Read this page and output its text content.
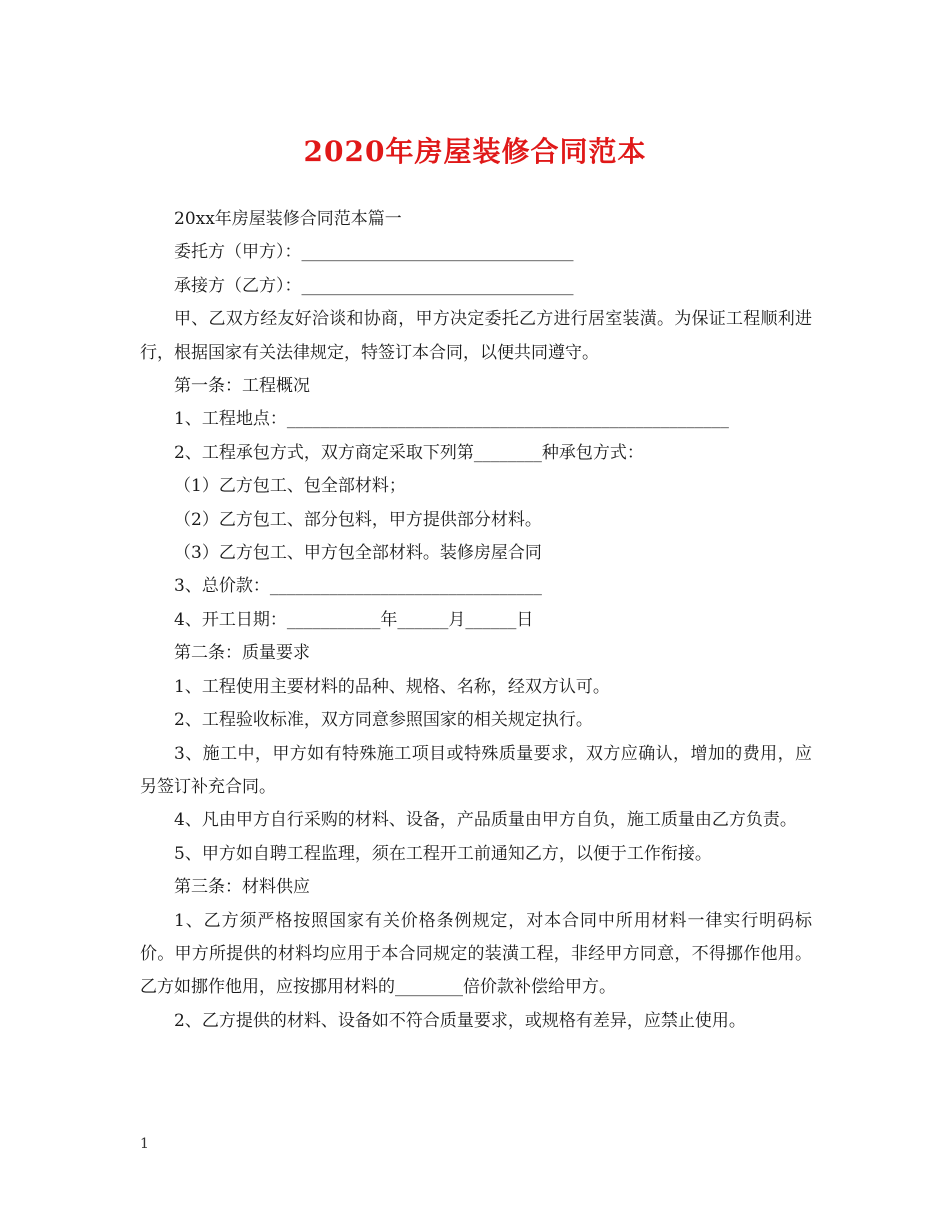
2020年房屋装修合同范本

20xx年房屋装修合同范本篇一

委托方（甲方）：________________________________

承接方（乙方）：________________________________

甲、乙双方经友好洽谈和协商，甲方决定委托乙方进行居室装潢。为保证工程顺利进行，根据国家有关法律规定，特签订本合同，以便共同遵守。

第一条：工程概况

1、工程地点：____________________________________________________

2、工程承包方式，双方商定采取下列第________种承包方式：

（1）乙方包工、包全部材料；

（2）乙方包工、部分包料，甲方提供部分材料。

（3）乙方包工、甲方包全部材料。装修房屋合同

3、总价款：________________________________

4、开工日期：___________年______月______日

第二条：质量要求

1、工程使用主要材料的品种、规格、名称，经双方认可。

2、工程验收标准，双方同意参照国家的相关规定执行。

3、施工中，甲方如有特殊施工项目或特殊质量要求，双方应确认，增加的费用，应另签订补充合同。

4、凡由甲方自行采购的材料、设备，产品质量由甲方自负，施工质量由乙方负责。

5、甲方如自聘工程监理，须在工程开工前通知乙方，以便于工作衔接。

第三条：材料供应

1、乙方须严格按照国家有关价格条例规定，对本合同中所用材料一律实行明码标价。甲方所提供的材料均应用于本合同规定的装潢工程，非经甲方同意，不得挪作他用。乙方如挪作他用，应按挪用材料的________倍价款补偿给甲方。

2、乙方提供的材料、设备如不符合质量要求，或规格有差异，应禁止使用。

1
